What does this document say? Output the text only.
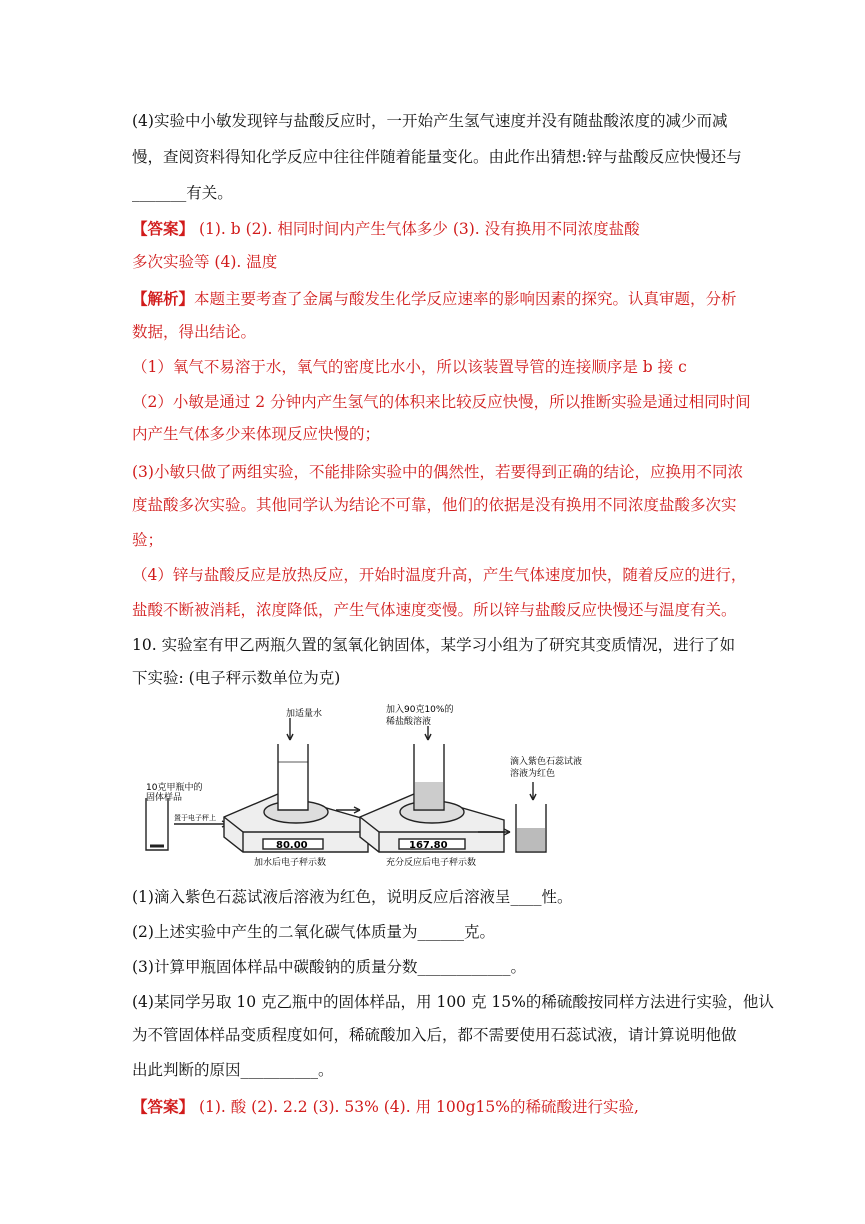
(4)实验中小敏发现锌与盐酸反应时，一开始产生氢气速度并没有随盐酸浓度的减少而减
慢，查阅资料得知化学反应中往往伴随着能量变化。由此作出猜想:锌与盐酸反应快慢还与
_______有关。
【答案】 (1). b (2). 相同时间内产生气体多少 (3). 没有换用不同浓度盐酸
多次实验等 (4). 温度
【解析】本题主要考查了金属与酸发生化学反应速率的影响因素的探究。认真审题，分析
数据，得出结论。
（1）氧气不易溶于水，氧气的密度比水小，所以该装置导管的连接顺序是 b 接 c
（2）小敏是通过 2 分钟内产生氢气的体积来比较反应快慢，所以推断实验是通过相同时间
内产生气体多少来体现反应快慢的；
(3)小敏只做了两组实验，不能排除实验中的偶然性，若要得到正确的结论，应换用不同浓
度盐酸多次实验。其他同学认为结论不可靠，他们的依据是没有换用不同浓度盐酸多次实
验；
（4）锌与盐酸反应是放热反应，开始时温度升高，产生气体速度加快，随着反应的进行，
盐酸不断被消耗，浓度降低，产生气体速度变慢。所以锌与盐酸反应快慢还与温度有关。
10. 实验室有甲乙两瓶久置的氢氧化钠固体，某学习小组为了研究其变质情况，进行了如
下实验: (电子秤示数单位为克)
10克甲瓶中的
固体样品
置于电子秤上
加适量水	加入90克10%的
稀盐酸溶液
滴入紫色石蕊试液
溶液为红色
80.00	167.80
加水后电子秤示数	充分反应后电子秤示数
(1)滴入紫色石蕊试液后溶液为红色，说明反应后溶液呈____性。
(2)上述实验中产生的二氧化碳气体质量为______克。
(3)计算甲瓶固体样品中碳酸钠的质量分数____________。
(4)某同学另取 10 克乙瓶中的固体样品，用 100 克 15%的稀硫酸按同样方法进行实验，他认
为不管固体样品变质程度如何，稀硫酸加入后，都不需要使用石蕊试液，请计算说明他做
出此判断的原因__________。
【答案】 (1). 酸 (2). 2.2 (3). 53% (4). 用 100g15%的稀硫酸进行实验,
